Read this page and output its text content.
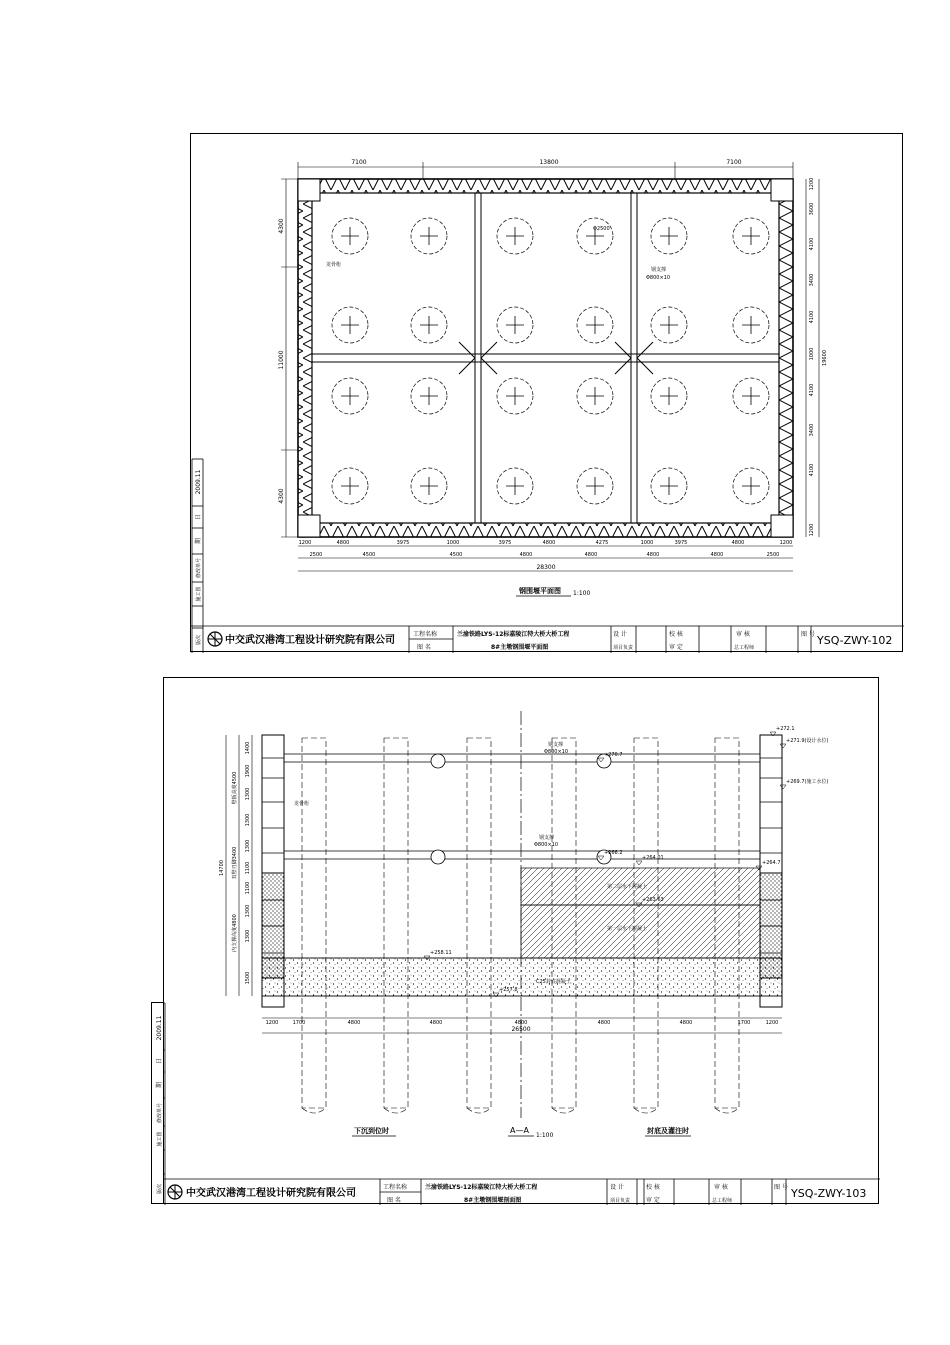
7100	13800	7100
Φ2500
钢支撑
Φ800×10
龙骨桁
4300
11000
4300
1200
3600
4100
3400
4100
1000
4100
3400
4100
1200
19600
1200	4800	3975	1000	3975	4800	4275	1000	3975	4800	1200
2500	4500	4500	4800	4800	4800	4800	2500
28300
钢围堰平面图 1:100
2009.11
日
期
修改单号
施工图
版次 中交武汉港湾工程设计研究院有限公司
工程名称
图 名
兰渝铁路LYS-12标嘉陵江特大桥大桥工程
8#主墩钢围堰平面图
设 计
项目负责
校 核
审 定
审 核
总工程师
图 号 YSQ-ZWY-102
第二层水下混凝土
第一层水下混凝土
C25封底混凝土
钢支撑
Φ800×10
钢支撑
Φ800×10
龙骨桁
+272.1
+271.9(设计水位)
+269.7(施工水位)
+270.7
+266.2
+264.01
+264.7
+263.63
+258.11
+257.8
1400
1900
1300
1300
1300
1100
1100
1300
1300
1500
壁板高度4500
双壁刃脚3400
内支撑高度4800
14700
1200	1700	4800	4800	4800	4800	4800	1700	1200
26500
下沉到位时	封底及灌注时
A—A
1:100
中交武汉港湾工程设计研究院有限公司
工程名称
图 名
兰渝铁路LYS-12标嘉陵江特大桥大桥工程
8#主墩钢围堰剖面图
设 计
项目负责
校 核
审 定
审 核
总工程师
图 号 YSQ-ZWY-103
2009.11
日
期
修改单号
施工图
版次
